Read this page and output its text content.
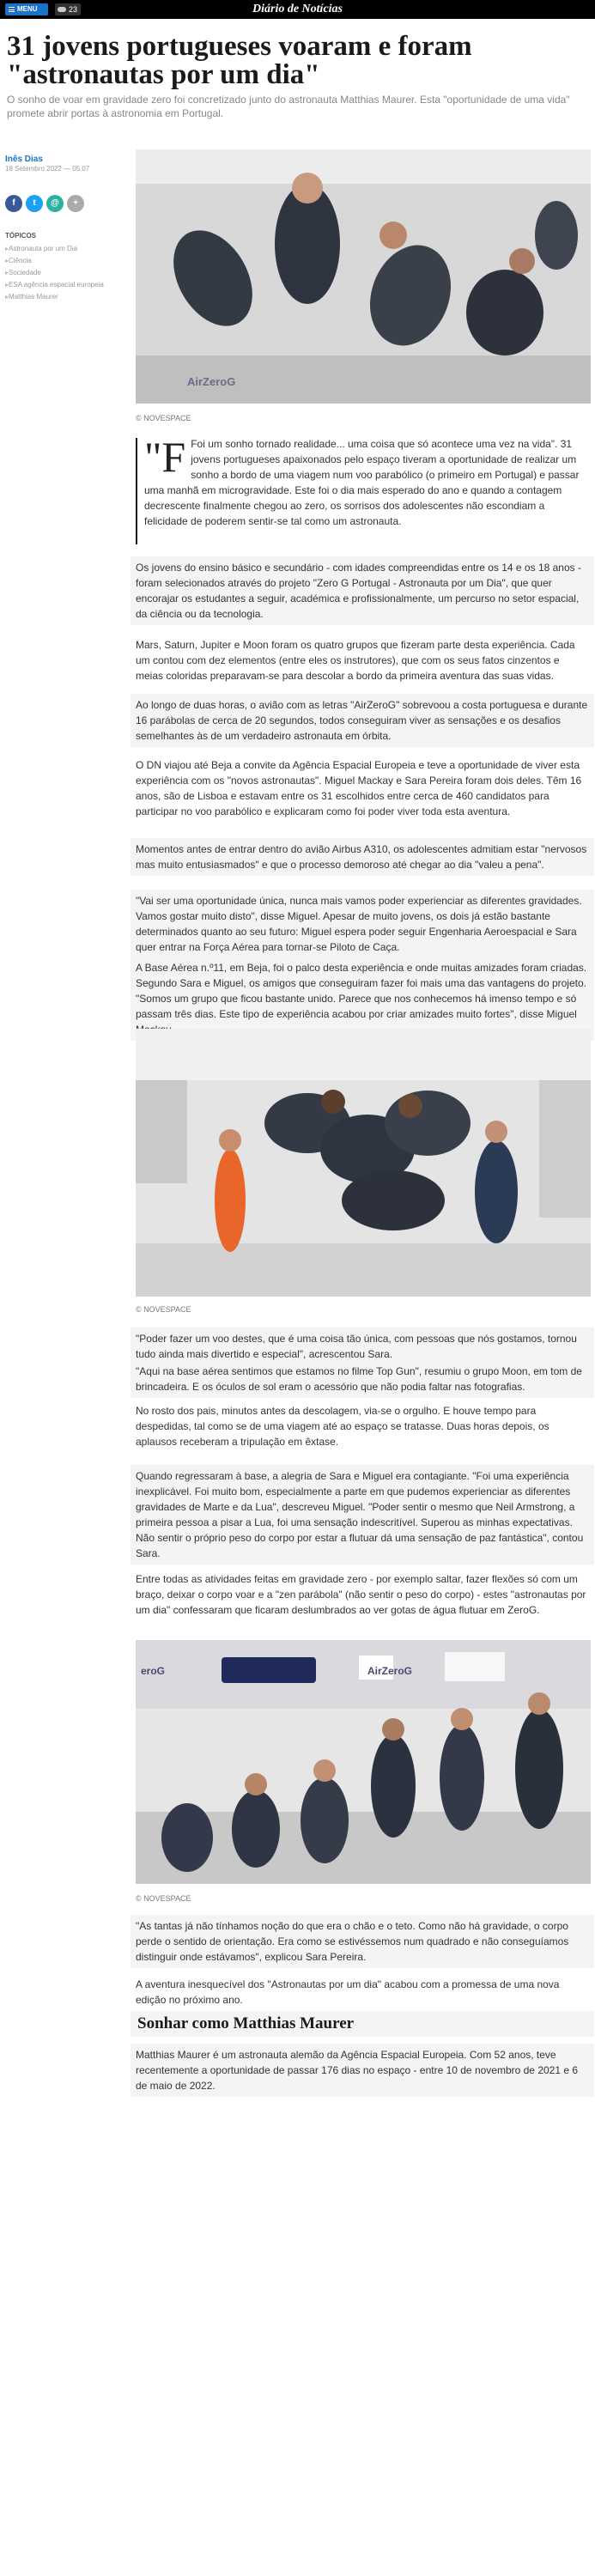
MENU	23	Diário de Notícias
31 jovens portugueses voaram e foram "astronautas por um dia"

O sonho de voar em gravidade zero foi concretizado junto do astronauta Matthias Maurer. Esta "oportunidade de uma vida" promete abrir portas à astronomia em Portugal.

Inês Dias
18 Setembro 2022 — 05:07
f t @ +
TÓPICOS
▸ Astronauta por um Dia
▸ Ciência
▸ Sociedade
▸ ESA agência espacial europeia
▸ Matthias Maurer
AirZeroG
© NOVESPACE
"F Foi um sonho tornado realidade... uma coisa que só acontece uma vez na vida". 31 jovens portugueses apaixonados pelo espaço tiveram a oportunidade de realizar um sonho a bordo de uma viagem num voo parabólico (o primeiro em Portugal) e passar uma manhã em microgravidade. Este foi o dia mais esperado do ano e quando a contagem decrescente finalmente chegou ao zero, os sorrisos dos adolescentes não escondiam a felicidade de poderem sentir-se tal como um astronauta.
Os jovens do ensino básico e secundário - com idades compreendidas entre os 14 e os 18 anos - foram selecionados através do projeto "Zero G Portugal - Astronauta por um Dia", que quer encorajar os estudantes a seguir, académica e profissionalmente, um percurso no setor espacial, da ciência ou da tecnologia.
Mars, Saturn, Jupiter e Moon foram os quatro grupos que fizeram parte desta experiência. Cada um contou com dez elementos (entre eles os instrutores), que com os seus fatos cinzentos e meias coloridas preparavam-se para descolar a bordo da primeira aventura das suas vidas.
Ao longo de duas horas, o avião com as letras "AirZeroG" sobrevoou a costa portuguesa e durante 16 parábolas de cerca de 20 segundos, todos conseguiram viver as sensações e os desafios semelhantes às de um verdadeiro astronauta em órbita.
O DN viajou até Beja a convite da Agência Espacial Europeia e teve a oportunidade de viver esta experiência com os "novos astronautas". Miguel Mackay e Sara Pereira foram dois deles. Têm 16 anos, são de Lisboa e estavam entre os 31 escolhidos entre cerca de 460 candidatos para participar no voo parabólico e explicaram como foi poder viver toda esta aventura.
Momentos antes de entrar dentro do avião Airbus A310, os adolescentes admitiam estar "nervosos mas muito entusiasmados" e que o processo demoroso até chegar ao dia "valeu a pena".
"Vai ser uma oportunidade única, nunca mais vamos poder experienciar as diferentes gravidades. Vamos gostar muito disto", disse Miguel. Apesar de muito jovens, os dois já estão bastante determinados quanto ao seu futuro: Miguel espera poder seguir Engenharia Aeroespacial e Sara quer entrar na Força Aérea para tornar-se Piloto de Caça.
A Base Aérea n.º11, em Beja, foi o palco desta experiência e onde muitas amizades foram criadas. Segundo Sara e Miguel, os amigos que conseguiram fazer foi mais uma das vantagens do projeto. "Somos um grupo que ficou bastante unido. Parece que nos conhecemos há imenso tempo e só passam três dias. Este tipo de experiência acabou por criar amizades muito fortes", disse Miguel
© NOVESPACE
"Poder fazer um voo destes, que é uma coisa tão única, com pessoas que nós gostamos, tornou tudo ainda mais divertido e especial", acrescentou Sara.
"Aqui na base aérea sentimos que estamos no filme Top Gun", resumiu o grupo Moon, em tom de brincadeira. E os óculos de sol eram o acessório que não podia faltar nas fotografias.
No rosto dos pais, minutos antes da descolagem, via-se o orgulho. E houve tempo para despedidas, tal como se de uma viagem até ao espaço se tratasse. Duas horas depois, os aplausos receberam a tripulação em êxtase.
Quando regressaram à base, a alegria de Sara e Miguel era contagiante. "Foi uma experiência inexplicável. Foi muito bom, especialmente a parte em que pudemos experienciar as diferentes gravidades de Marte e da Lua", descreveu Miguel. "Poder sentir o mesmo que Neil Armstrong, a primeira pessoa a pisar a Lua, foi uma sensação indescritível. Superou as minhas expectativas. Não sentir o próprio peso do corpo por estar a flutuar dá uma sensação de paz fantástica", contou Sara.
Entre todas as atividades feitas em gravidade zero - por exemplo saltar, fazer flexões só com um braço, deixar o corpo voar e a "zen parábola" (não sentir o peso do corpo) - estes "astronautas por um dia" confessaram que ficaram deslumbrados ao ver gotas de água flutuar em ZeroG.
AirZeroG
eroG
© NOVESPACE
"As tantas já não tínhamos noção do que era o chão e o teto. Como não há gravidade, o corpo perde o sentido de orientação. Era como se estivéssemos num quadrado e não conseguíamos distinguir onde estávamos", explicou Sara Pereira.
A aventura inesquecível dos "Astronautas por um dia" acabou com a promessa de uma nova edição no próximo ano.
Sonhar como Matthias Maurer
Matthias Maurer é um astronauta alemão da Agência Espacial Europeia. Com 52 anos, teve recentemente a oportunidade de passar 176 dias no espaço - entre 10 de novembro de 2021 e 6 de maio de 2022.
